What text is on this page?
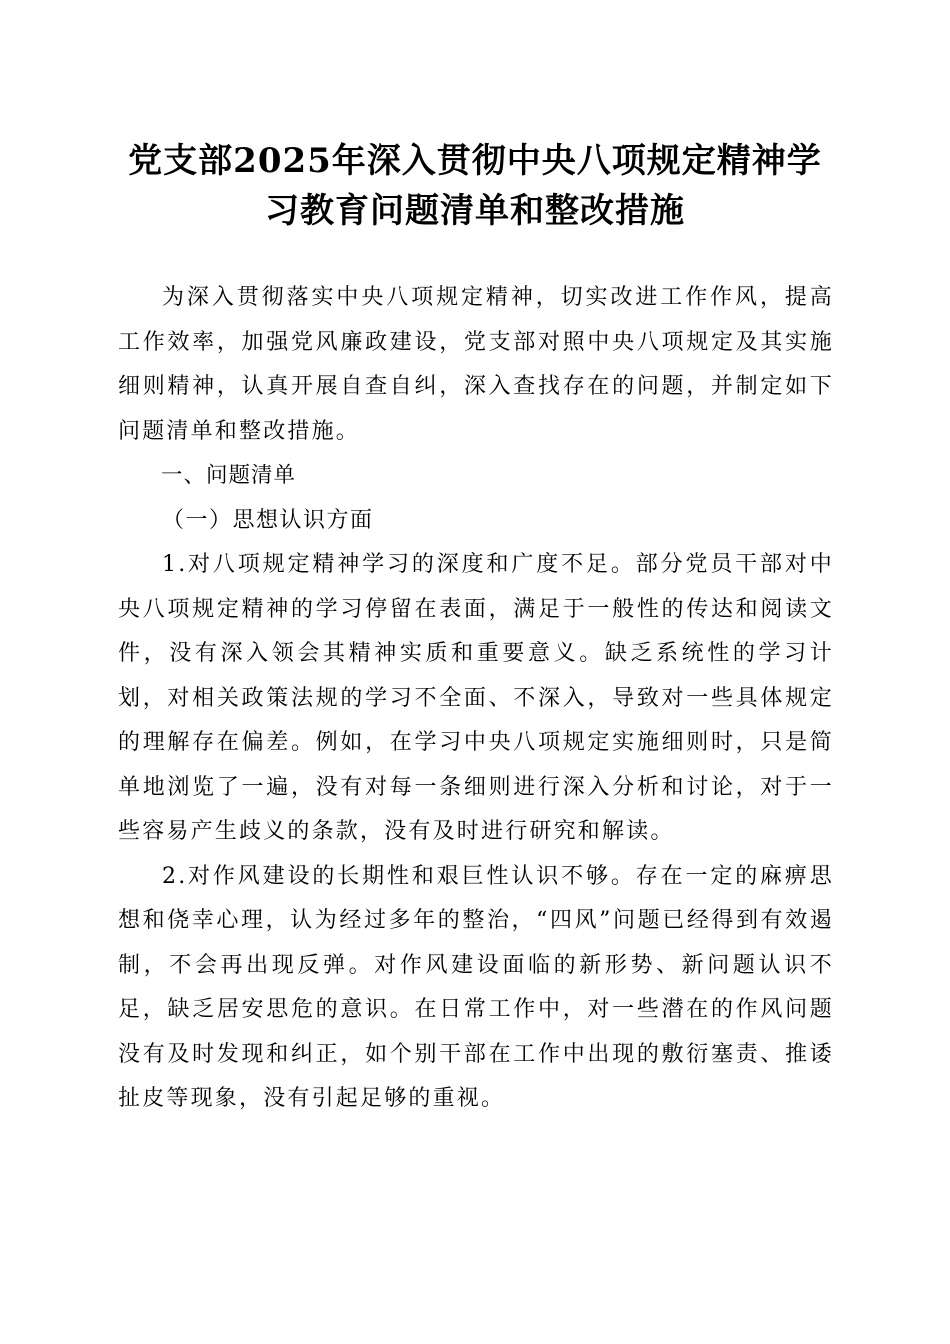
党支部2025年深入贯彻中央八项规定精神学
习教育问题清单和整改措施

为深入贯彻落实中央八项规定精神，切实改进工作作风，提高工作效率，加强党风廉政建设，党支部对照中央八项规定及其实施细则精神，认真开展自查自纠，深入查找存在的问题，并制定如下问题清单和整改措施。

一、问题清单

（一）思想认识方面

1.对八项规定精神学习的深度和广度不足。部分党员干部对中央八项规定精神的学习停留在表面，满足于一般性的传达和阅读文件，没有深入领会其精神实质和重要意义。缺乏系统性的学习计划，对相关政策法规的学习不全面、不深入，导致对一些具体规定的理解存在偏差。例如，在学习中央八项规定实施细则时，只是简单地浏览了一遍，没有对每一条细则进行深入分析和讨论，对于一些容易产生歧义的条款，没有及时进行研究和解读。

2.对作风建设的长期性和艰巨性认识不够。存在一定的麻痹思想和侥幸心理，认为经过多年的整治，“四风”问题已经得到有效遏制，不会再出现反弹。对作风建设面临的新形势、新问题认识不足，缺乏居安思危的意识。在日常工作中，对一些潜在的作风问题没有及时发现和纠正，如个别干部在工作中出现的敷衍塞责、推诿扯皮等现象，没有引起足够的重视。
